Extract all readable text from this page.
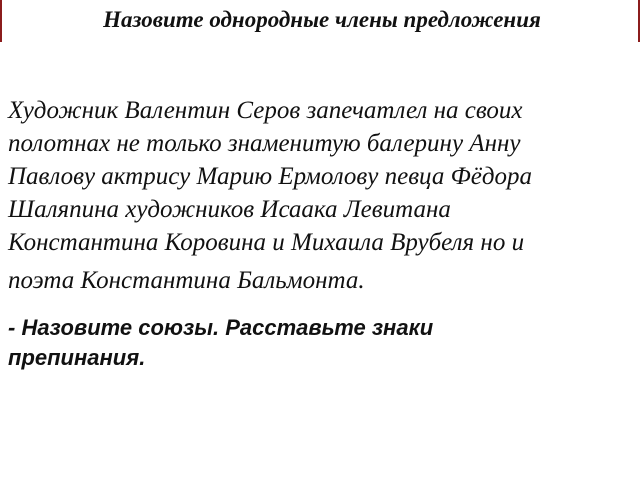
Назовите однородные члены предложения
Художник Валентин Серов запечатлел на своих
полотнах не только знаменитую балерину Анну
Павлову актрису Марию Ермолову певца Фёдора
Шаляпина художников Исаака Левитана
Константина Коровина и Михаила Врубеля но и
поэта Константина Бальмонта.
- Назовите союзы. Расставьте знаки
препинания.
